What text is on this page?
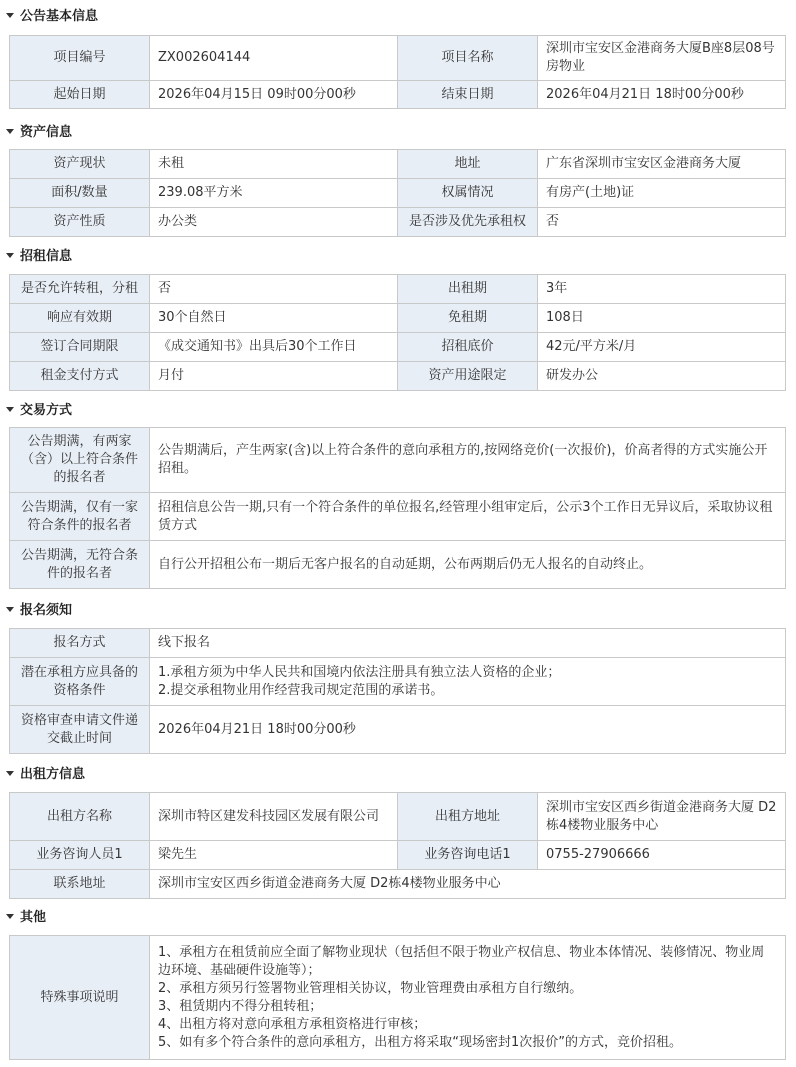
公告基本信息
项目编号	ZX002604144	项目名称	深圳市宝安区金港商务大厦B座8层08号房物业
起始日期	2026年04月15日 09时00分00秒	结束日期	2026年04月21日 18时00分00秒
资产信息
资产现状	未租	地址	广东省深圳市宝安区金港商务大厦
面积/数量	239.08平方米	权属情况	有房产(土地)证
资产性质	办公类	是否涉及优先承租权	否
招租信息
是否允许转租，分租	否	出租期	3年
响应有效期	30个自然日	免租期	108日
签订合同期限	《成交通知书》出具后30个工作日	招租底价	42元/平方米/月
租金支付方式	月付	资产用途限定	研发办公
交易方式
公告期满，有两家（含）以上符合条件的报名者	公告期满后，产生两家(含)以上符合条件的意向承租方的,按网络竞价(一次报价)，价高者得的方式实施公开招租。
公告期满，仅有一家符合条件的报名者	招租信息公告一期,只有一个符合条件的单位报名,经管理小组审定后，公示3个工作日无异议后，采取协议租赁方式
公告期满，无符合条件的报名者	自行公开招租公布一期后无客户报名的自动延期，公布两期后仍无人报名的自动终止。
报名须知
报名方式	线下报名
潜在承租方应具备的资格条件	1.承租方须为中华人民共和国境内依法注册具有独立法人资格的企业；
2.提交承租物业用作经营我司规定范围的承诺书。
资格审查申请文件递交截止时间	2026年04月21日 18时00分00秒
出租方信息
出租方名称	深圳市特区建发科技园区发展有限公司	出租方地址	深圳市宝安区西乡街道金港商务大厦 D2栋4楼物业服务中心
业务咨询人员1	梁先生	业务咨询电话1	0755-27906666
联系地址	深圳市宝安区西乡街道金港商务大厦 D2栋4楼物业服务中心		
其他
特殊事项说明	1、承租方在租赁前应全面了解物业现状（包括但不限于物业产权信息、物业本体情况、装修情况、物业周边环境、基础硬件设施等）；
2、承租方须另行签署物业管理相关协议，物业管理费由承租方自行缴纳。
3、租赁期内不得分租转租；
4、出租方将对意向承租方承租资格进行审核；
5、如有多个符合条件的意向承租方，出租方将采取“现场密封1次报价”的方式，竞价招租。
